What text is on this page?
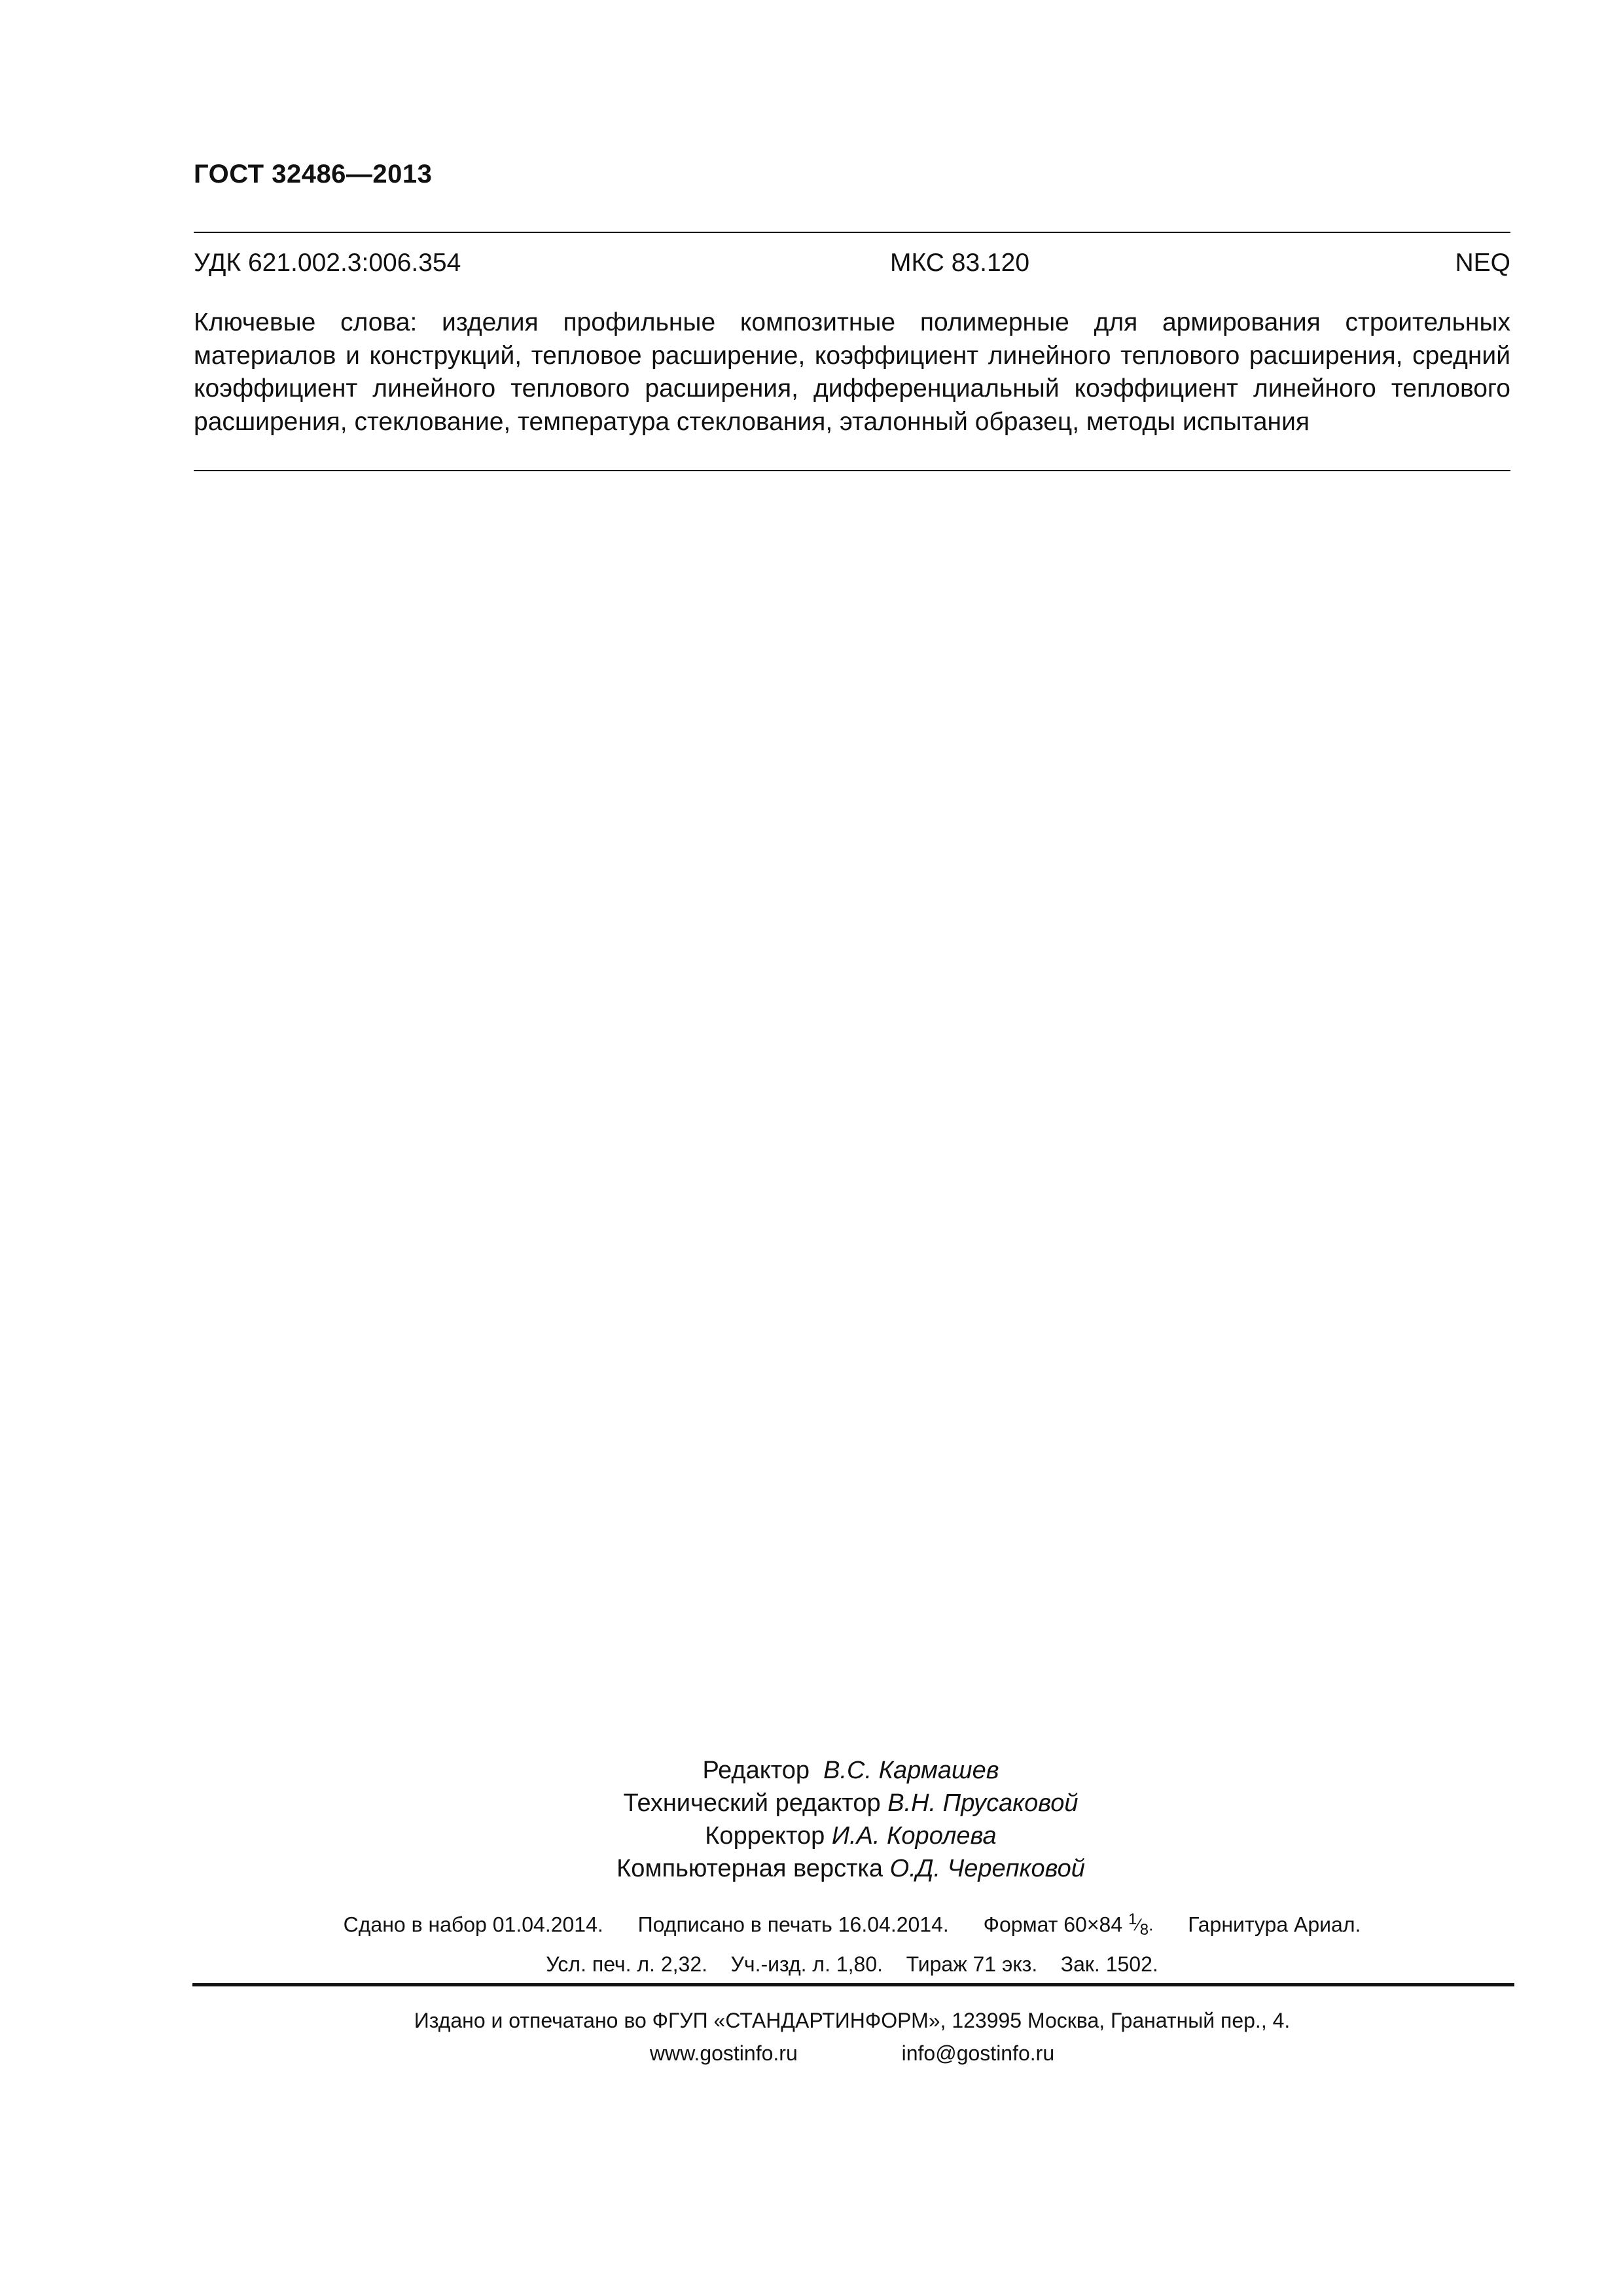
ГОСТ 32486—2013
УДК 621.002.3:006.354	МКС 83.120	NEQ

Ключевые слова: изделия профильные композитные полимерные для армирования строительных материалов и конструкций, тепловое расширение, коэффициент линейного теплового расширения, средний коэффициент линейного теплового расширения, дифференциальный коэффициент линейного теплового расширения, стеклование, температура стеклования, эталонный образец, методы испытания

Редактор В.С. Кармашев
Технический редактор В.Н. Прусаковой
Корректор И.А. Королева
Компьютерная верстка О.Д. Черепковой
Сдано в набор 01.04.2014. Подписано в печать 16.04.2014. Формат 60×84 $^1⁄_8$. Гарнитура Ариал.
Усл. печ. л. 2,32. Уч.-изд. л. 1,80. Тираж 71 экз. Зак. 1502.
Издано и отпечатано во ФГУП «СТАНДАРТИНФОРМ», 123995 Москва, Гранатный пер., 4.
www.gostinfo.ru	info@gostinfo.ru
